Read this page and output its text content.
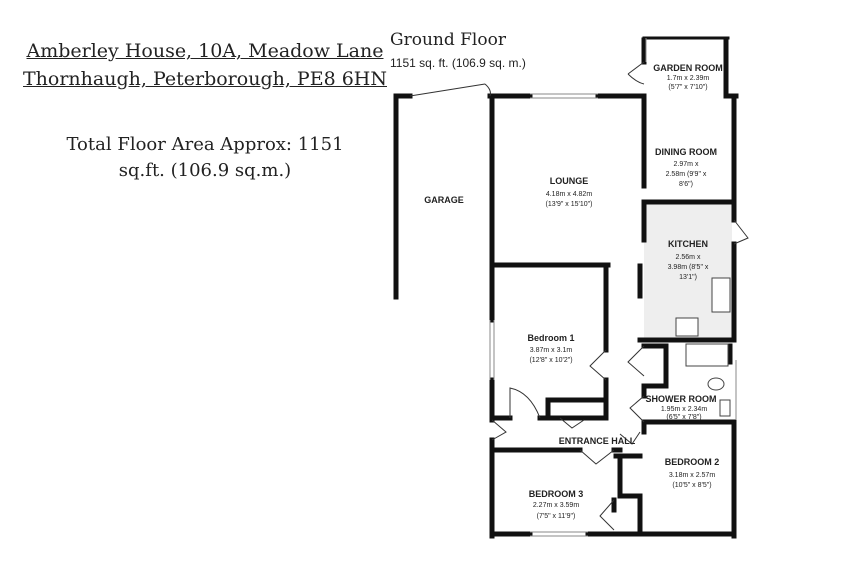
Amberley House, 10A, Meadow Lane
Thornhaugh, Peterborough, PE8 6HN
Total Floor Area Approx: 1151
sq.ft. (106.9 sq.m.)
Ground Floor
1151 sq. ft. (106.9 sq. m.)	GARDEN ROOM
1.7m x 2.39m
(5'7" x 7'10")
DINING ROOM
2.97m x
2.58m (9'9" x
8'6")
LOUNGE
4.18m x 4.82m
(13'9" x 15'10")
GARAGE
KITCHEN
2.56m x
3.98m (8'5" x
13'1")
Bedroom 1
3.87m x 3.1m
(12'8" x 10'2")
SHOWER ROOM
1.95m x 2.34m
(6'5" x 7'8")
ENTRANCE HALL
BEDROOM 2
3.18m x 2.57m
(10'5" x 8'5")
BEDROOM 3
2.27m x 3.59m
(7'5" x 11'9")
